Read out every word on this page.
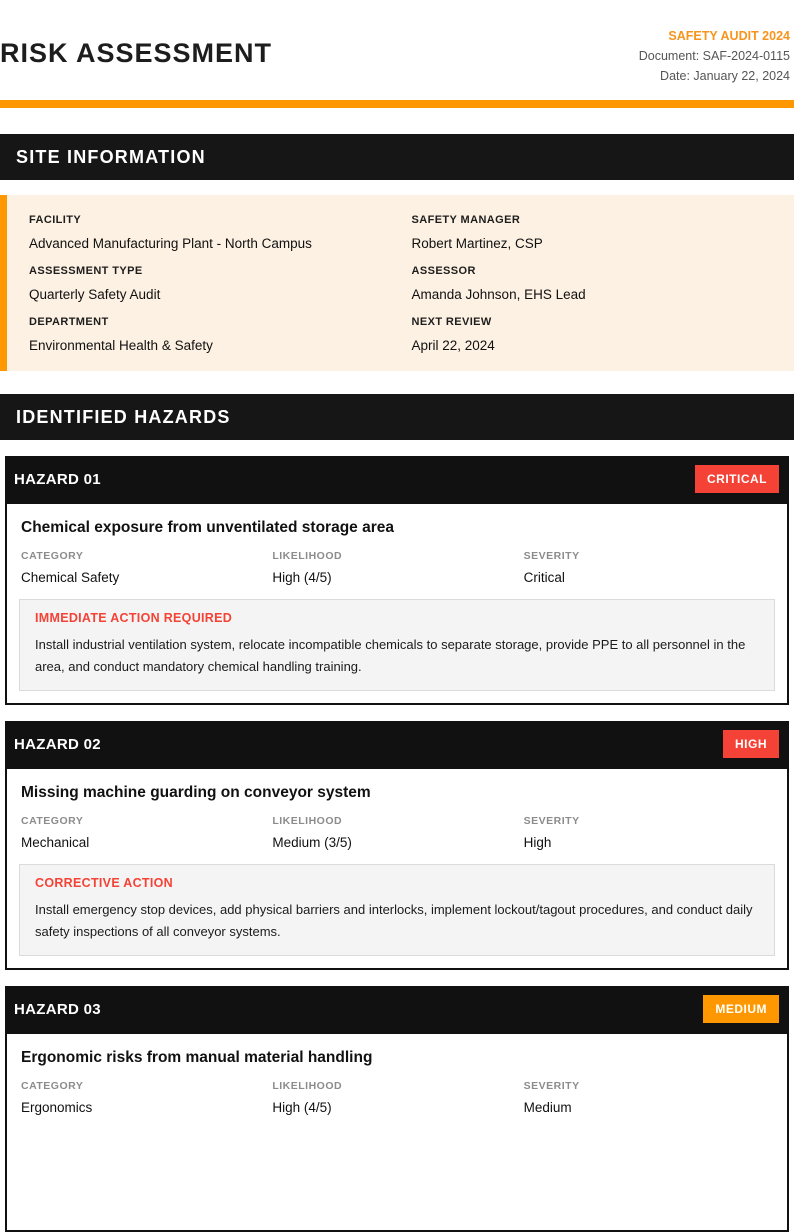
RISK ASSESSMENT
SAFETY AUDIT 2024
Document: SAF-2024-0115
Date: January 22, 2024
SITE INFORMATION
FACILITY
Advanced Manufacturing Plant - North Campus
SAFETY MANAGER
Robert Martinez, CSP
ASSESSMENT TYPE
Quarterly Safety Audit
ASSESSOR
Amanda Johnson, EHS Lead
DEPARTMENT
Environmental Health & Safety
NEXT REVIEW
April 22, 2024
IDENTIFIED HAZARDS
HAZARD 01	CRITICAL
Chemical exposure from unventilated storage area
CATEGORY
Chemical Safety
LIKELIHOOD
High (4/5)
SEVERITY
Critical
IMMEDIATE ACTION REQUIRED
Install industrial ventilation system, relocate incompatible chemicals to separate storage, provide PPE to all personnel in the area, and conduct mandatory chemical handling training.
HAZARD 02	HIGH
Missing machine guarding on conveyor system
CATEGORY
Mechanical
LIKELIHOOD
Medium (3/5)
SEVERITY
High
CORRECTIVE ACTION
Install emergency stop devices, add physical barriers and interlocks, implement lockout/tagout procedures, and conduct daily safety inspections of all conveyor systems.
HAZARD 03	MEDIUM
Ergonomic risks from manual material handling
CATEGORY
Ergonomics
LIKELIHOOD
High (4/5)
SEVERITY
Medium
